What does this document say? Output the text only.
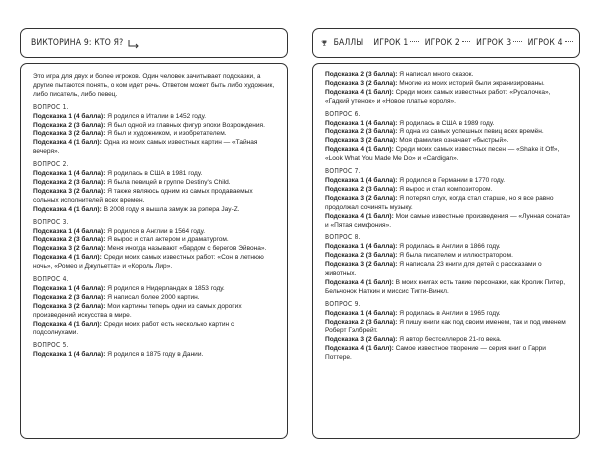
ВИКТОРИНА 9: КТО Я?

Это игра для двух и более игроков. Один человек зачитывает подсказки, а другие пытаются понять, о ком идет речь. Ответом может быть либо художник, либо писатель, либо певец.

ВОПРОС 1.

Подсказка 1 (4 балла): Я родился в Италии в 1452 году.

Подсказка 2 (3 балла): Я был одной из главных фигур эпохи Возрождения.

Подсказка 3 (2 балла): Я был и художником, и изобретателем.

Подсказка 4 (1 балл): Одна из моих самых известных картин — «Тайная вечеря».

ВОПРОС 2.

Подсказка 1 (4 балла): Я родилась в США в 1981 году.

Подсказка 2 (3 балла): Я была певицей в группе Destiny's Child.

Подсказка 3 (2 балла): Я также являюсь одним из самых продаваемых сольных исполнителей всех времен.

Подсказка 4 (1 балл): В 2008 году я вышла замуж за рэпера Jay-Z.

ВОПРОС 3.

Подсказка 1 (4 балла): Я родился в Англии в 1564 году.

Подсказка 2 (3 балла): Я вырос и стал актером и драматургом.

Подсказка 3 (2 балла): Меня иногда называют «бардом с берегов Эйвона».

Подсказка 4 (1 балл): Среди моих самых известных работ: «Сон в летнюю ночь», «Ромео и Джульетта» и «Король Лир».

ВОПРОС 4.

Подсказка 1 (4 балла): Я родился в Нидерландах в 1853 году.

Подсказка 2 (3 балла): Я написал более 2000 картин.

Подсказка 3 (2 балла): Мои картины теперь одни из самых дорогих произведений искусства в мире.

Подсказка 4 (1 балл): Среди моих работ есть несколько картин с подсолнухами.

ВОПРОС 5.

Подсказка 1 (4 балла): Я родился в 1875 году в Дании.

БАЛЛЫ ИГРОК 1 ИГРОК 2 ИГРОК 3 ИГРОК 4

Подсказка 2 (3 балла): Я написал много сказок.

Подсказка 3 (2 балла): Многие из моих историй были экранизированы.

Подсказка 4 (1 балл): Среди моих самых известных работ: «Русалочка», «Гадкий утенок» и «Новое платье короля».

ВОПРОС 6.

Подсказка 1 (4 балла): Я родилась в США в 1989 году.

Подсказка 2 (3 балла): Я одна из самых успешных певиц всех времён.

Подсказка 3 (2 балла): Моя фамилия означает «быстрый».

Подсказка 4 (1 балл): Среди моих самых известных песен — «Shake it Off», «Look What You Made Me Do» и «Cardigan».

ВОПРОС 7.

Подсказка 1 (4 балла): Я родился в Германии в 1770 году.

Подсказка 2 (3 балла): Я вырос и стал композитором.

Подсказка 3 (2 балла): Я потерял слух, когда стал старше, но я все равно продолжал сочинять музыку.

Подсказка 4 (1 балл): Мои самые известные произведения — «Лунная соната» и «Пятая симфония».

ВОПРОС 8.

Подсказка 1 (4 балла): Я родилась в Англии в 1866 году.

Подсказка 2 (3 балла): Я была писателем и иллюстратором.

Подсказка 3 (2 балла): Я написала 23 книги для детей с рассказами о животных.

Подсказка 4 (1 балл): В моих книгах есть такие персонажи, как Кролик Питер, Бельчонок Наткин и миссис Тигги-Винкл.

ВОПРОС 9.

Подсказка 1 (4 балла): Я родилась в Англии в 1965 году.

Подсказка 2 (3 балла): Я пишу книги как под своим именем, так и под именем Роберт Гэлбрейт.

Подсказка 3 (2 балла): Я автор бестселлеров 21-го века.

Подсказка 4 (1 балл): Самое известное творение — серия книг о Гарри Поттере.
